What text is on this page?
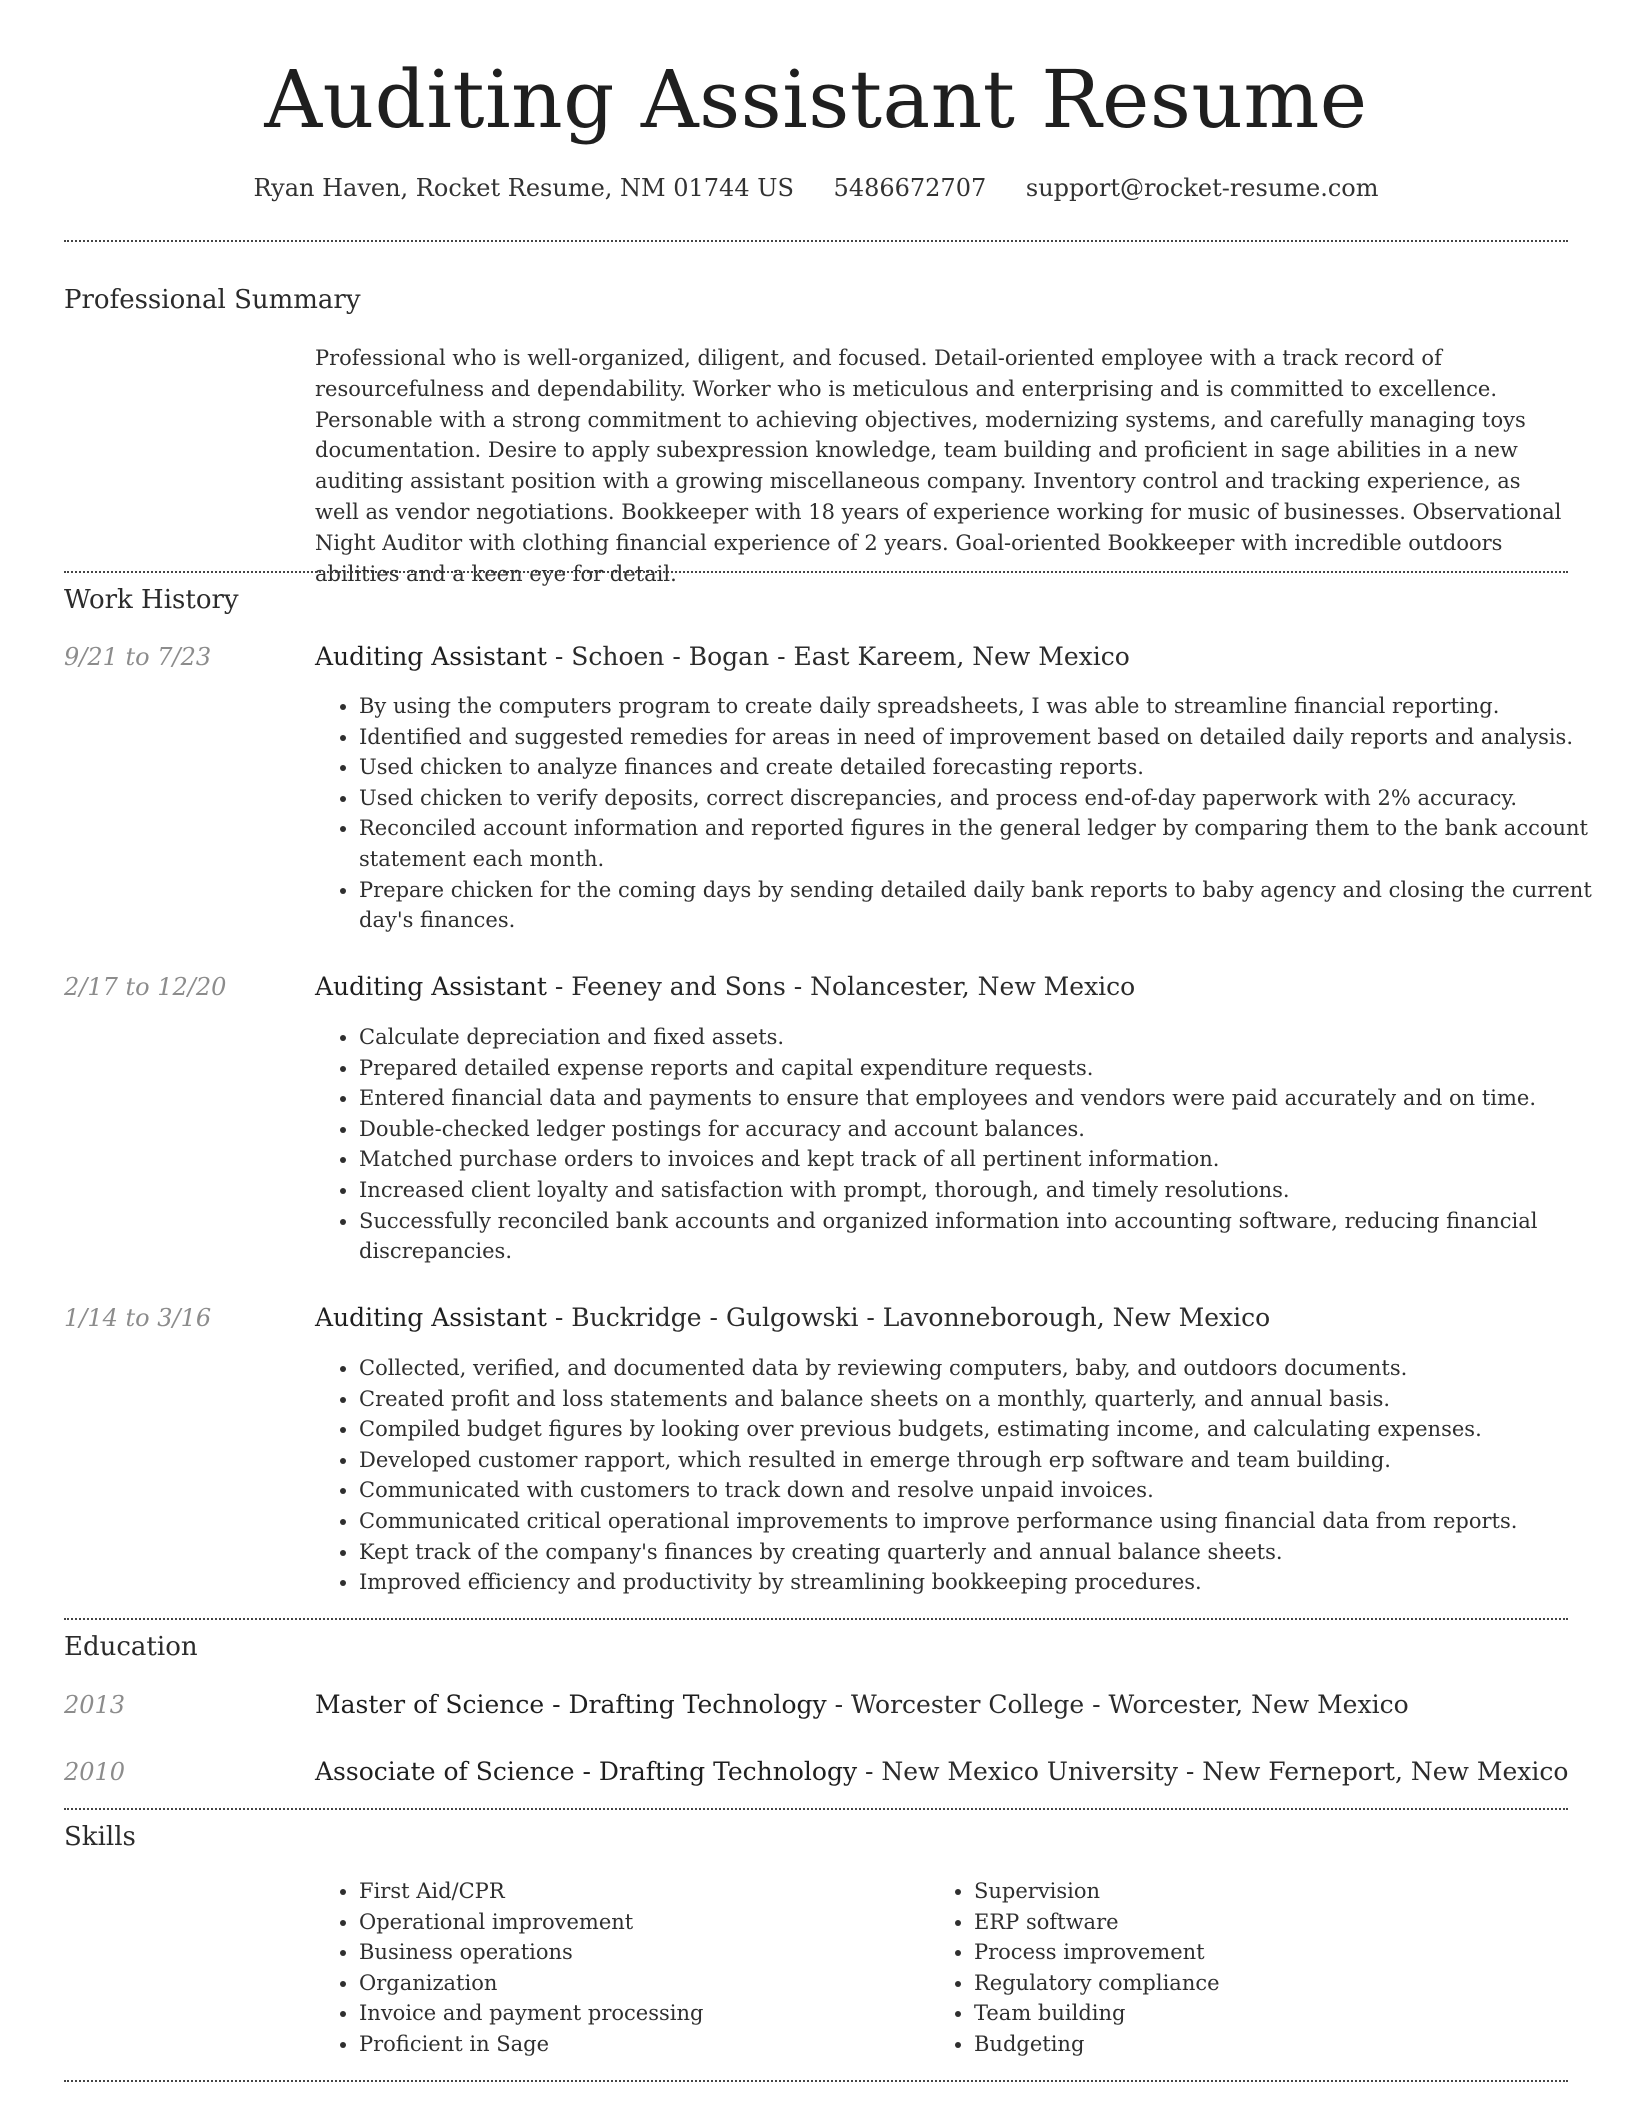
Auditing Assistant Resume
Ryan Haven, Rocket Resume, NM 01744 US 5486672707 support@rocket-resume.com
Professional Summary
Professional who is well-organized, diligent, and focused. Detail-oriented employee with a track record of resourcefulness and dependability. Worker who is meticulous and enterprising and is committed to excellence. Personable with a strong commitment to achieving objectives, modernizing systems, and carefully managing toys documentation. Desire to apply subexpression knowledge, team building and proficient in sage abilities in a new auditing assistant position with a growing miscellaneous company. Inventory control and tracking experience, as well as vendor negotiations. Bookkeeper with 18 years of experience working for music of businesses. Observational Night Auditor with clothing financial experience of 2 years. Goal-oriented Bookkeeper with incredible outdoors abilities and a keen eye for detail.
Work History
9/21 to 7/23	Auditing Assistant - Schoen - Bogan - East Kareem, New Mexico
• By using the computers program to create daily spreadsheets, I was able to streamline financial reporting.
• Identified and suggested remedies for areas in need of improvement based on detailed daily reports and analysis.
• Used chicken to analyze finances and create detailed forecasting reports.
• Used chicken to verify deposits, correct discrepancies, and process end-of-day paperwork with 2% accuracy.
• Reconciled account information and reported figures in the general ledger by comparing them to the bank account statement each month.
• Prepare chicken for the coming days by sending detailed daily bank reports to baby agency and closing the current day's finances.
2/17 to 12/20	Auditing Assistant - Feeney and Sons - Nolancester, New Mexico
• Calculate depreciation and fixed assets.
• Prepared detailed expense reports and capital expenditure requests.
• Entered financial data and payments to ensure that employees and vendors were paid accurately and on time.
• Double-checked ledger postings for accuracy and account balances.
• Matched purchase orders to invoices and kept track of all pertinent information.
• Increased client loyalty and satisfaction with prompt, thorough, and timely resolutions.
• Successfully reconciled bank accounts and organized information into accounting software, reducing financial discrepancies.
1/14 to 3/16	Auditing Assistant - Buckridge - Gulgowski - Lavonneborough, New Mexico
• Collected, verified, and documented data by reviewing computers, baby, and outdoors documents.
• Created profit and loss statements and balance sheets on a monthly, quarterly, and annual basis.
• Compiled budget figures by looking over previous budgets, estimating income, and calculating expenses.
• Developed customer rapport, which resulted in emerge through erp software and team building.
• Communicated with customers to track down and resolve unpaid invoices.
• Communicated critical operational improvements to improve performance using financial data from reports.
• Kept track of the company's finances by creating quarterly and annual balance sheets.
• Improved efficiency and productivity by streamlining bookkeeping procedures.
Education
2013	Master of Science - Drafting Technology - Worcester College - Worcester, New Mexico
2010	Associate of Science - Drafting Technology - New Mexico University - New Ferneport, New Mexico
Skills
• First Aid/CPR
• Operational improvement
• Business operations
• Organization
• Invoice and payment processing
• Proficient in Sage
• Supervision
• ERP software
• Process improvement
• Regulatory compliance
• Team building
• Budgeting
